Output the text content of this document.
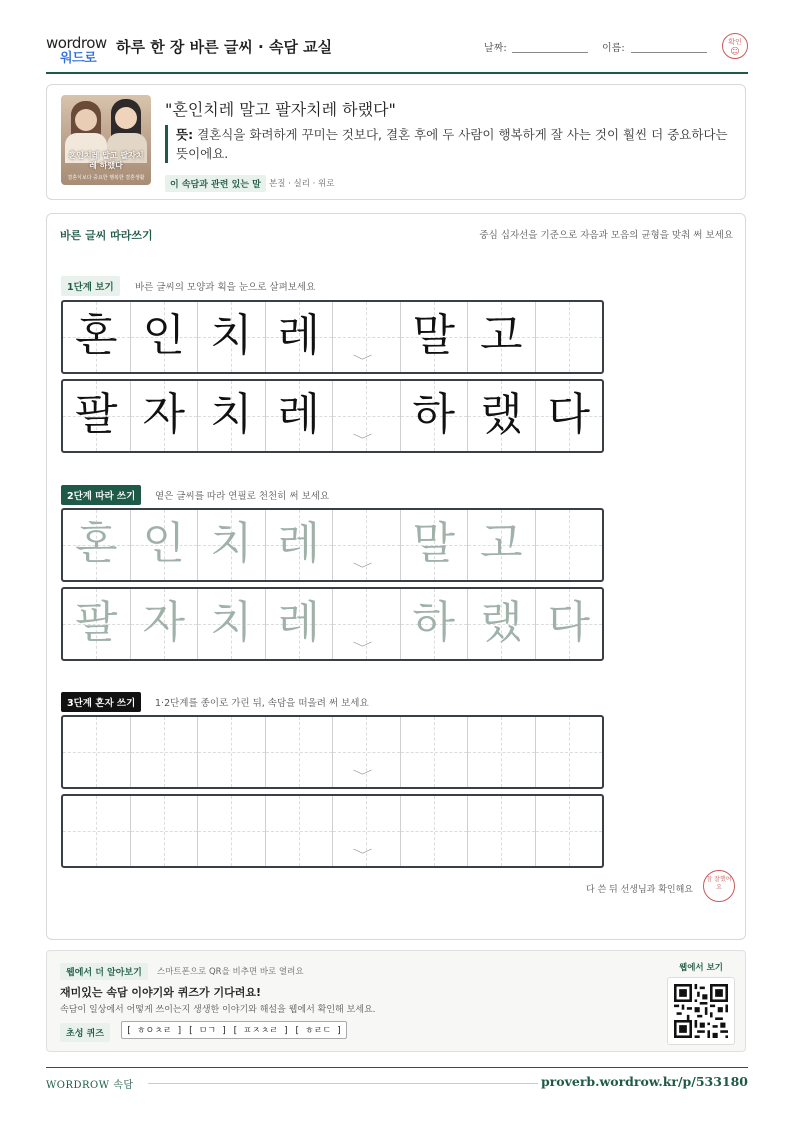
wordrow
워드로
하루 한 장 바른 글씨 · 속담 교실	날짜:	이름:
확인
☺
혼인치레 말고 팔자치레 하랬다
결혼식보다 중요한 행복한 결혼생활
"혼인치레 말고 팔자치레 하랬다"
뜻: 결혼식을 화려하게 꾸미는 것보다, 결혼 후에 두 사람이 행복하게 잘 사는 것이 훨씬 더 중요하다는 뜻이에요.
이 속담과 관련 있는 말 본질 · 실리 · 위로
바른 글씨 따라쓰기	중심 십자선을 기준으로 자음과 모음의 균형을 맞춰 써 보세요
1단계 보기	바른 글씨의 모양과 획을 눈으로 살펴보세요
혼 인 치 레 말 고
﹀
팔 자 치 레 하 랬 다
﹀
2단계 따라 쓰기	옅은 글씨를 따라 연필로 천천히 써 보세요
혼 인 치 레 말 고
﹀
팔 자 치 레 하 랬 다
﹀
3단계 혼자 쓰기	1·2단계를 종이로 가린 뒤, 속담을 떠올려 써 보세요
﹀
﹀
다 쓴 뒤 선생님과 확인해요
참 잘했어요
웹에서 더 알아보기	스마트폰으로 QR을 비추면 바로 열려요
재미있는 속담 이야기와 퀴즈가 기다려요!
속담이 일상에서 어떻게 쓰이는지 생생한 이야기와 해설을 웹에서 확인해 보세요.
초성 퀴즈	[ ㅎㅇㅊㄹ ] [ ㅁㄱ ] [ ㅍㅈㅊㄹ ] [ ㅎㄹㄷ ]
웹에서 보기
WORDROW 속담	proverb.wordrow.kr/p/533180
